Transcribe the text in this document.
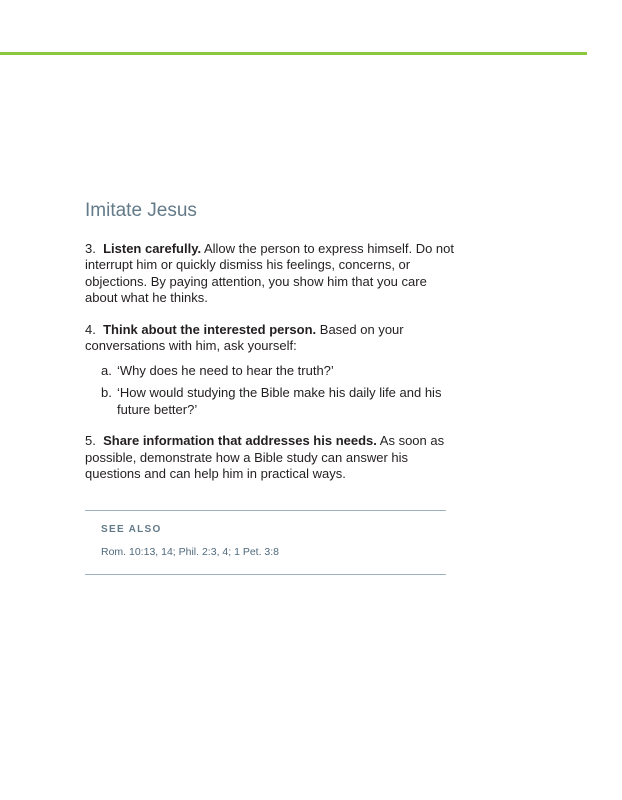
Imitate Jesus

3. Listen carefully. Allow the person to express himself. Do not interrupt him or quickly dismiss his feelings, concerns, or objections. By paying attention, you show him that you care about what he thinks.

4. Think about the interested person. Based on your conversations with him, ask yourself:

a. ‘Why does he need to hear the truth?’
b. ‘How would studying the Bible make his daily life and his future better?’

5. Share information that addresses his needs. As soon as possible, demonstrate how a Bible study can answer his questions and can help him in practical ways.

SEE ALSO
Rom. 10:13, 14; Phil. 2:3, 4; 1 Pet. 3:8
